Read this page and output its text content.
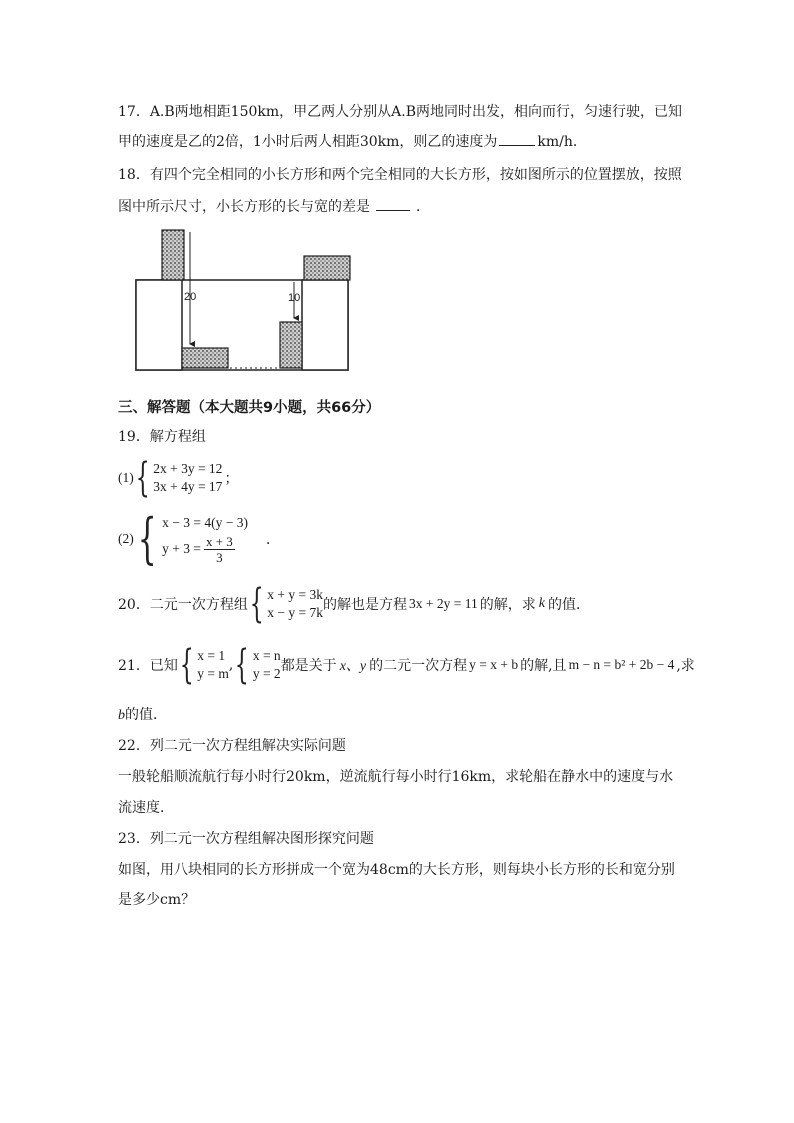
17．A.B两地相距150km，甲乙两人分别从A.B两地同时出发，相向而行，匀速行驶，已知
甲的速度是乙的2倍，1小时后两人相距30km，则乙的速度为	km/h．
18．有四个完全相同的小长方形和两个完全相同的大长方形，按如图所示的位置摆放，按照
图中所示尺寸，小长方形的长与宽的差是	．
20	10
三、解答题（本大题共9小题，共66分）
19．解方程组
(1) { 2x + 3y = 12
3x + 4y = 17 ；
(2) { x − 3 = 4(y − 3)
$y + 3 = \frac{x + 3}{3}$ ．
20．二元一次方程组 { x + y = 3k
x − y = 7k 的解也是方程 3x + 2y = 11 的解，求 k 的值．
21．已知 { x = 1
y = m
, { x = n
y = 2 都是关于 x、y 的二元一次方程 y = x + b 的解,且 m − n = b² + 2b − 4 ,求
b的值．
22．列二元一次方程组解决实际问题
一般轮船顺流航行每小时行20km，逆流航行每小时行16km，求轮船在静水中的速度与水
流速度．
23．列二元一次方程组解决图形探究问题
如图，用八块相同的长方形拼成一个宽为48cm的大长方形，则每块小长方形的长和宽分别
是多少cm？
